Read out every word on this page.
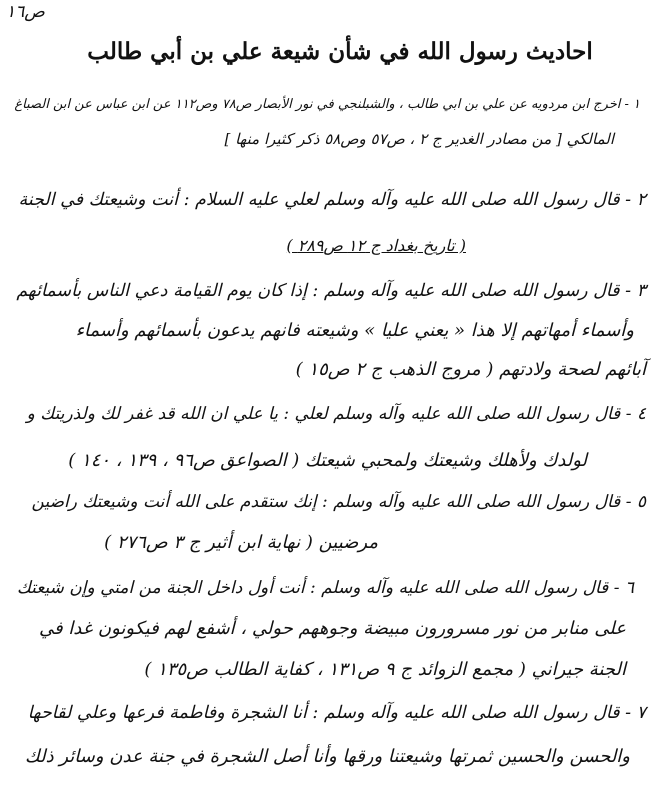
ص١٦
احاديث رسول الله في شأن شيعة علي بن أبي طالب
١ - اخرج ابن مردويه عن علي بن ابي طالب ، والشبلنجي في نور الأبصار ص٧٨ وص١١٢ عن ابن عباس عن ابن الصباغ
المالكي [ من مصادر الغدير ج ٢ ، ص٥٧ وص٥٨ ذكر كثيرا منها ]
٢ - قال رسول الله صلى الله عليه وآله وسلم لعلي عليه السلام : أنت وشيعتك في الجنة
( تاريخ بغداد ج ١٢ ص٢٨٩ )
٣ - قال رسول الله صلى الله عليه وآله وسلم : إذا كان يوم القيامة دعي الناس بأسمائهم
وأسماء أمهاتهم إلا هذا « يعني عليا » وشيعته فانهم يدعون بأسمائهم وأسماء
آبائهم لصحة ولادتهم ( مروج الذهب ج ٢ ص١٥ )
٤ - قال رسول الله صلى الله عليه وآله وسلم لعلي : يا علي ان الله قد غفر لك ولذريتك و
لولدك ولأهلك وشيعتك ولمحبي شيعتك ( الصواعق ص٩٦ ، ١٣٩ ، ١٤٠ )
٥ - قال رسول الله صلى الله عليه وآله وسلم : إنك ستقدم على الله أنت وشيعتك راضين
مرضيين ( نهاية ابن أثير ج ٣ ص٢٧٦ )
٦ - قال رسول الله صلى الله عليه وآله وسلم : أنت أول داخل الجنة من امتي وإن شيعتك
على منابر من نور مسرورون مبيضة وجوههم حولي ، أشفع لهم فيكونون غدا في
الجنة جيراني ( مجمع الزوائد ج ٩ ص١٣١ ، كفاية الطالب ص١٣٥ )
٧ - قال رسول الله صلى الله عليه وآله وسلم : أنا الشجرة وفاطمة فرعها وعلي لقاحها
والحسن والحسين ثمرتها وشيعتنا ورقها وأنا أصل الشجرة في جنة عدن وسائر ذلك
